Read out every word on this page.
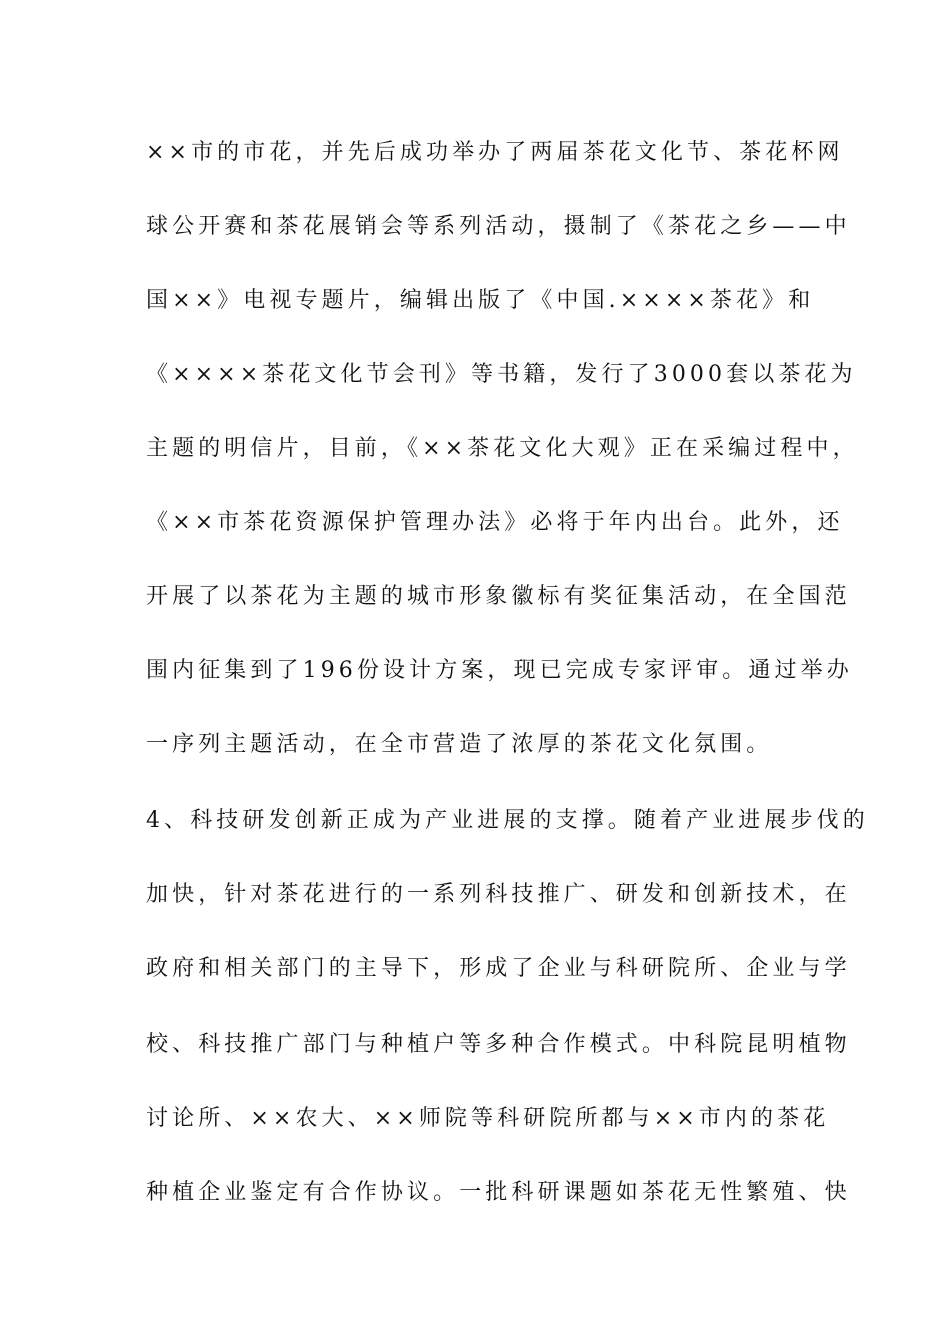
××市的市花，并先后成功举办了两届茶花文化节、茶花杯网
球公开赛和茶花展销会等系列活动，摄制了《茶花之乡——中
国××》电视专题片，编辑出版了《中国.××××茶花》和
《××××茶花文化节会刊》等书籍，发行了3000套以茶花为
主题的明信片，目前，《××茶花文化大观》正在采编过程中，
《××市茶花资源保护管理办法》必将于年内出台。此外，还
开展了以茶花为主题的城市形象徽标有奖征集活动，在全国范
围内征集到了196份设计方案，现已完成专家评审。通过举办
一序列主题活动，在全市营造了浓厚的茶花文化氛围。
4、科技研发创新正成为产业进展的支撑。随着产业进展步伐的
加快，针对茶花进行的一系列科技推广、研发和创新技术，在
政府和相关部门的主导下，形成了企业与科研院所、企业与学
校、科技推广部门与种植户等多种合作模式。中科院昆明植物
讨论所、××农大、××师院等科研院所都与××市内的茶花
种植企业鉴定有合作协议。一批科研课题如茶花无性繁殖、快
